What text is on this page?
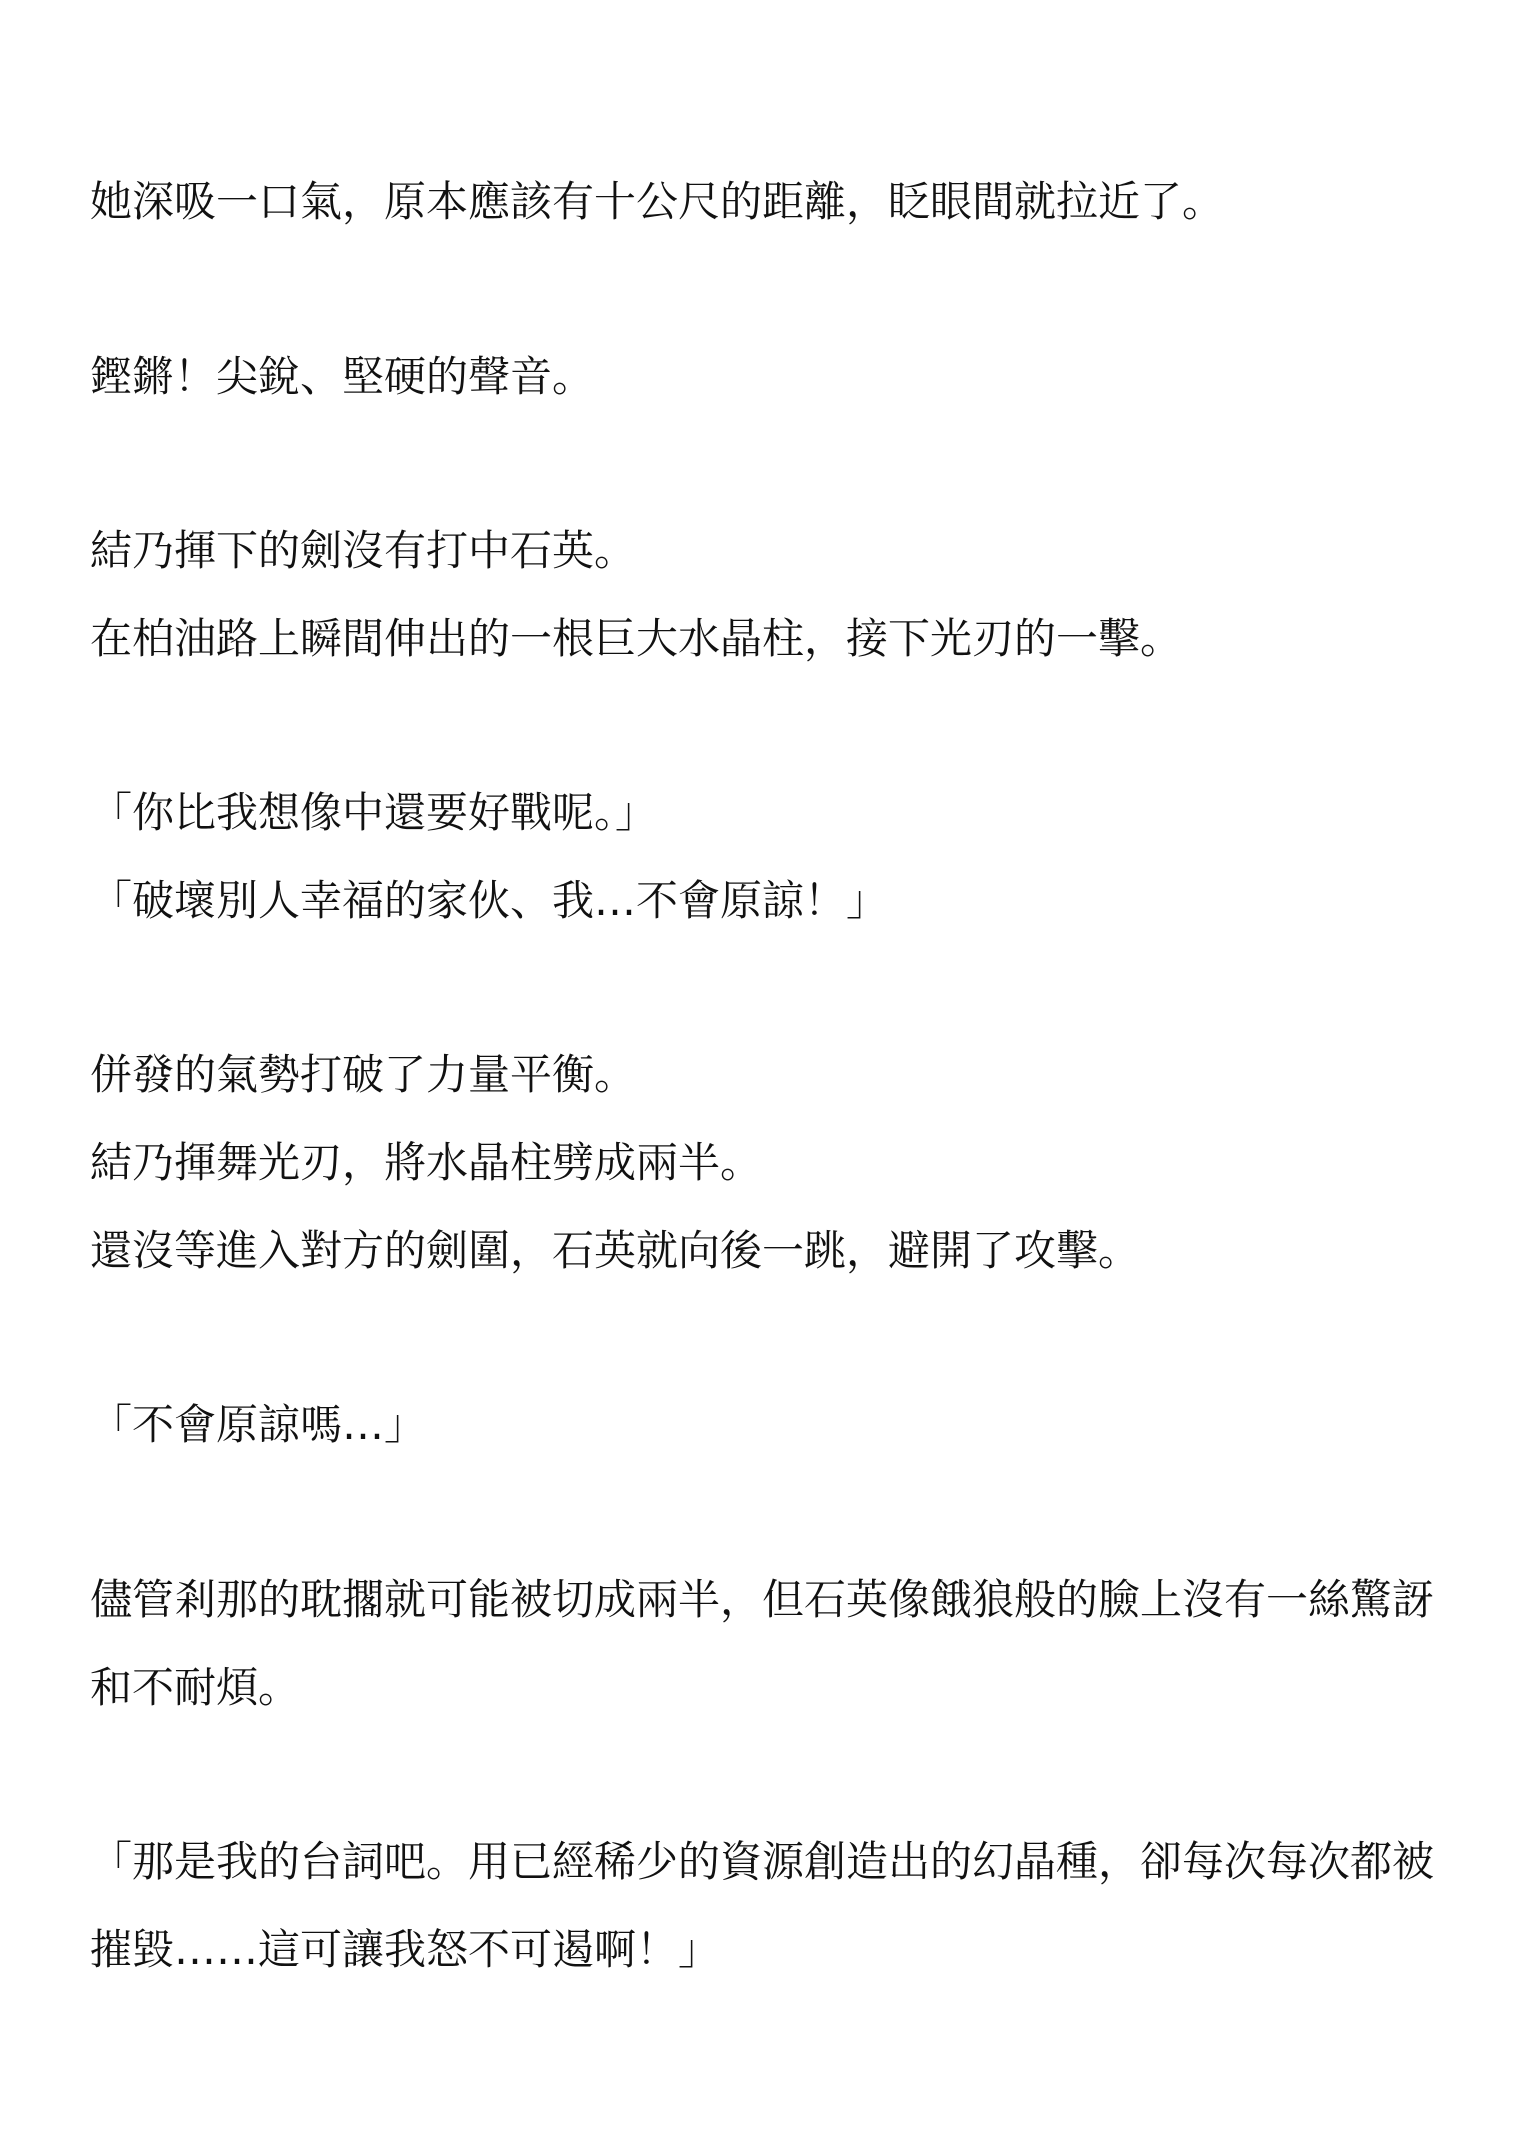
她深吸一口氣，原本應該有十公尺的距離，眨眼間就拉近了。

鏗鏘！尖銳、堅硬的聲音。

結乃揮下的劍沒有打中石英。

在柏油路上瞬間伸出的一根巨大水晶柱，接下光刃的一擊。

「你比我想像中還要好戰呢。」

「破壞別人幸福的家伙、我…不會原諒！」

併發的氣勢打破了力量平衡。

結乃揮舞光刃，將水晶柱劈成兩半。

還沒等進入對方的劍圍，石英就向後一跳，避開了攻擊。

「不會原諒嗎…」

儘管剎那的耽擱就可能被切成兩半，但石英像餓狼般的臉上沒有一絲驚訝和不耐煩。

「那是我的台詞吧。用已經稀少的資源創造出的幻晶種，卻每次每次都被摧毀……這可讓我怒不可遏啊！」
